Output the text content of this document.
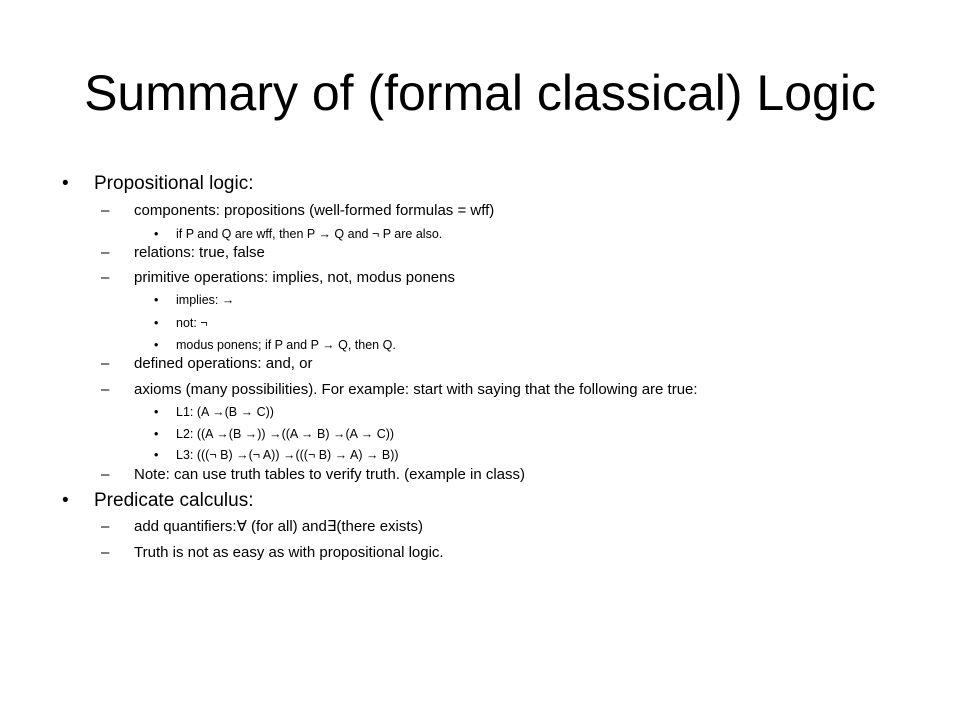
Summary of (formal classical) Logic
• Propositional logic:
– components: propositions (well-formed formulas = wff)
• if P and Q are wff, then P → Q and ¬ P are also.
– relations: true, false
– primitive operations: implies, not, modus ponens
• implies: →
• not: ¬
• modus ponens; if P and P → Q, then Q.
– defined operations: and, or
– axioms (many possibilities). For example: start with saying that the following are true:
• L1: (A →(B → C))
• L2: ((A →(B →)) →((A → B) →(A → C))
• L3: (((¬ B) →(¬ A)) →(((¬ B) → A) → B))
– Note: can use truth tables to verify truth. (example in class)
• Predicate calculus:
– add quantifiers:∀ (for all) and∃(there exists)
– Truth is not as easy as with propositional logic.
